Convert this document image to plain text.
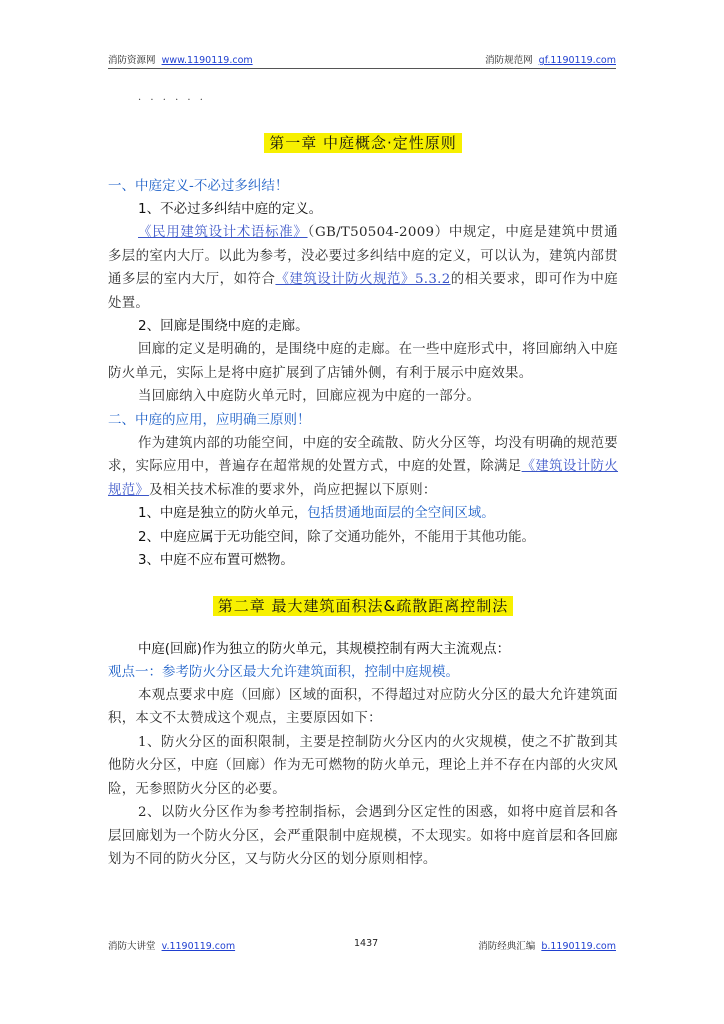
消防资源网 www.1190119.com	消防规范网 gf.1190119.com
· · · · · ·
第一章 中庭概念·定性原则
一、中庭定义-不必过多纠结！
1、不必过多纠结中庭的定义。
《民用建筑设计术语标准》（GB/T50504-2009）中规定，中庭是建筑中贯通多层的室内大厅。以此为参考，没必要过多纠结中庭的定义，可以认为，建筑内部贯通多层的室内大厅，如符合《建筑设计防火规范》5.3.2的相关要求，即可作为中庭处置。
2、回廊是围绕中庭的走廊。
回廊的定义是明确的，是围绕中庭的走廊。在一些中庭形式中，将回廊纳入中庭防火单元，实际上是将中庭扩展到了店铺外侧，有利于展示中庭效果。
当回廊纳入中庭防火单元时，回廊应视为中庭的一部分。
二、中庭的应用，应明确三原则！
作为建筑内部的功能空间，中庭的安全疏散、防火分区等，均没有明确的规范要求，实际应用中，普遍存在超常规的处置方式，中庭的处置，除满足《建筑设计防火规范》及相关技术标准的要求外，尚应把握以下原则：
1、中庭是独立的防火单元，包括贯通地面层的全空间区域。
2、中庭应属于无功能空间，除了交通功能外，不能用于其他功能。
3、中庭不应布置可燃物。
第二章 最大建筑面积法&疏散距离控制法
中庭(回廊)作为独立的防火单元，其规模控制有两大主流观点：
观点一：参考防火分区最大允许建筑面积，控制中庭规模。
本观点要求中庭（回廊）区域的面积，不得超过对应防火分区的最大允许建筑面积，本文不太赞成这个观点，主要原因如下：
1、防火分区的面积限制，主要是控制防火分区内的火灾规模，使之不扩散到其他防火分区，中庭（回廊）作为无可燃物的防火单元，理论上并不存在内部的火灾风险，无参照防火分区的必要。
2、以防火分区作为参考控制指标，会遇到分区定性的困惑，如将中庭首层和各层回廊划为一个防火分区，会严重限制中庭规模，不太现实。如将中庭首层和各回廊划为不同的防火分区，又与防火分区的划分原则相悖。
消防大讲堂 v.1190119.com	1437	消防经典汇编 b.1190119.com
